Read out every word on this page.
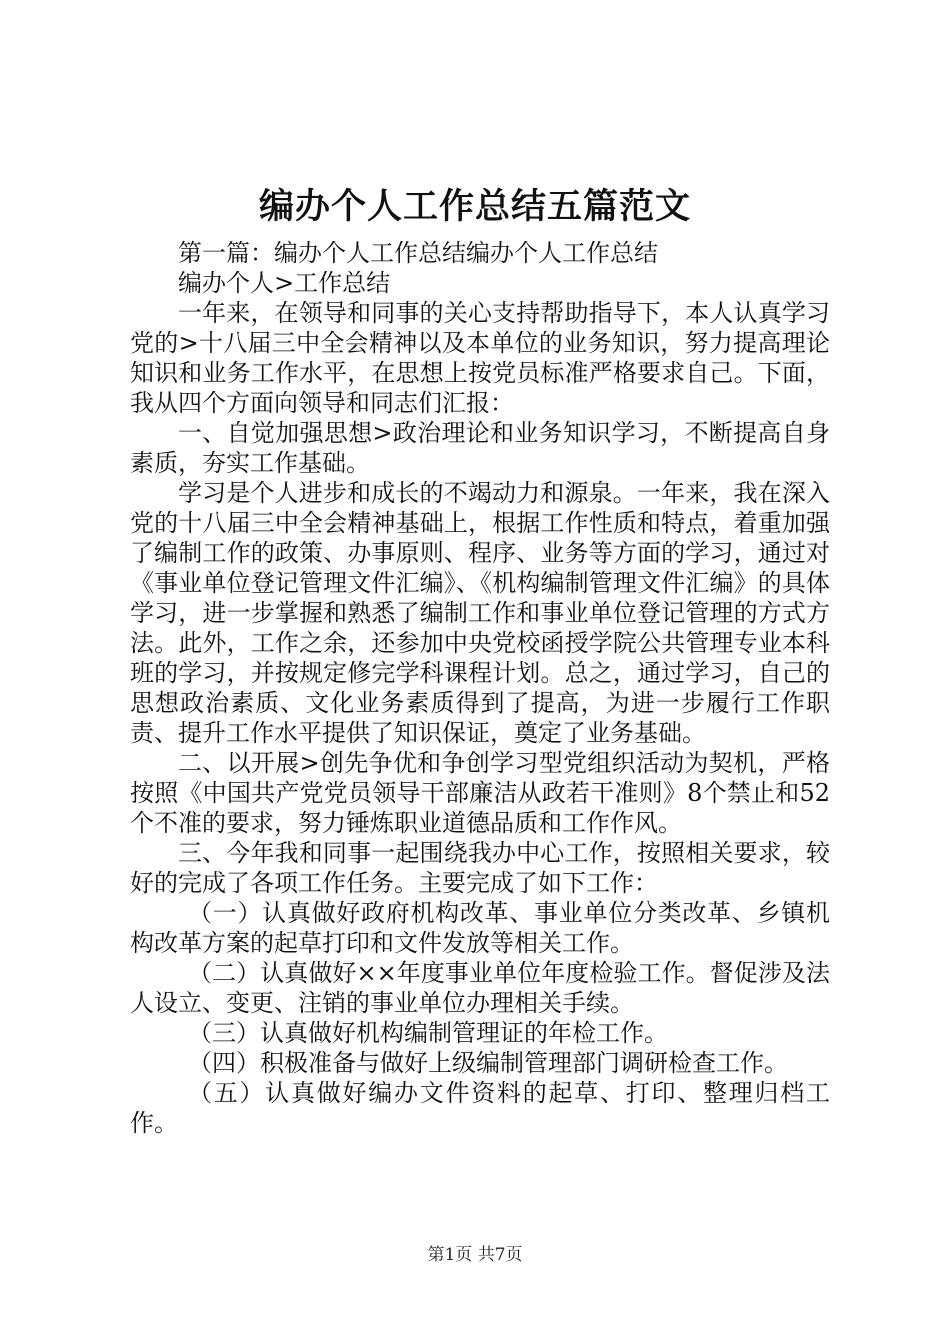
编办个人工作总结五篇范文

第一篇：编办个人工作总结编办个人工作总结

编办个人>工作总结

一年来，在领导和同事的关心支持帮助指导下，本人认真学习党的>十八届三中全会精神以及本单位的业务知识，努力提高理论知识和业务工作水平，在思想上按党员标准严格要求自己。下面，我从四个方面向领导和同志们汇报：

一、自觉加强思想>政治理论和业务知识学习，不断提高自身素质，夯实工作基础。

学习是个人进步和成长的不竭动力和源泉。一年来，我在深入党的十八届三中全会精神基础上，根据工作性质和特点，着重加强了编制工作的政策、办事原则、程序、业务等方面的学习，通过对《事业单位登记管理文件汇编》、《机构编制管理文件汇编》的具体学习，进一步掌握和熟悉了编制工作和事业单位登记管理的方式方法。此外，工作之余，还参加中央党校函授学院公共管理专业本科班的学习，并按规定修完学科课程计划。总之，通过学习，自己的思想政治素质、文化业务素质得到了提高，为进一步履行工作职责、提升工作水平提供了知识保证，奠定了业务基础。

二、以开展>创先争优和争创学习型党组织活动为契机，严格按照《中国共产党党员领导干部廉洁从政若干准则》8个禁止和52个不准的要求，努力锤炼职业道德品质和工作作风。

三、今年我和同事一起围绕我办中心工作，按照相关要求，较好的完成了各项工作任务。主要完成了如下工作：

（一）认真做好政府机构改革、事业单位分类改革、乡镇机构改革方案的起草打印和文件发放等相关工作。

（二）认真做好××年度事业单位年度检验工作。督促涉及法人设立、变更、注销的事业单位办理相关手续。

（三）认真做好机构编制管理证的年检工作。

（四）积极准备与做好上级编制管理部门调研检查工作。

（五）认真做好编办文件资料的起草、打印、整理归档工作。

第1页 共7页
